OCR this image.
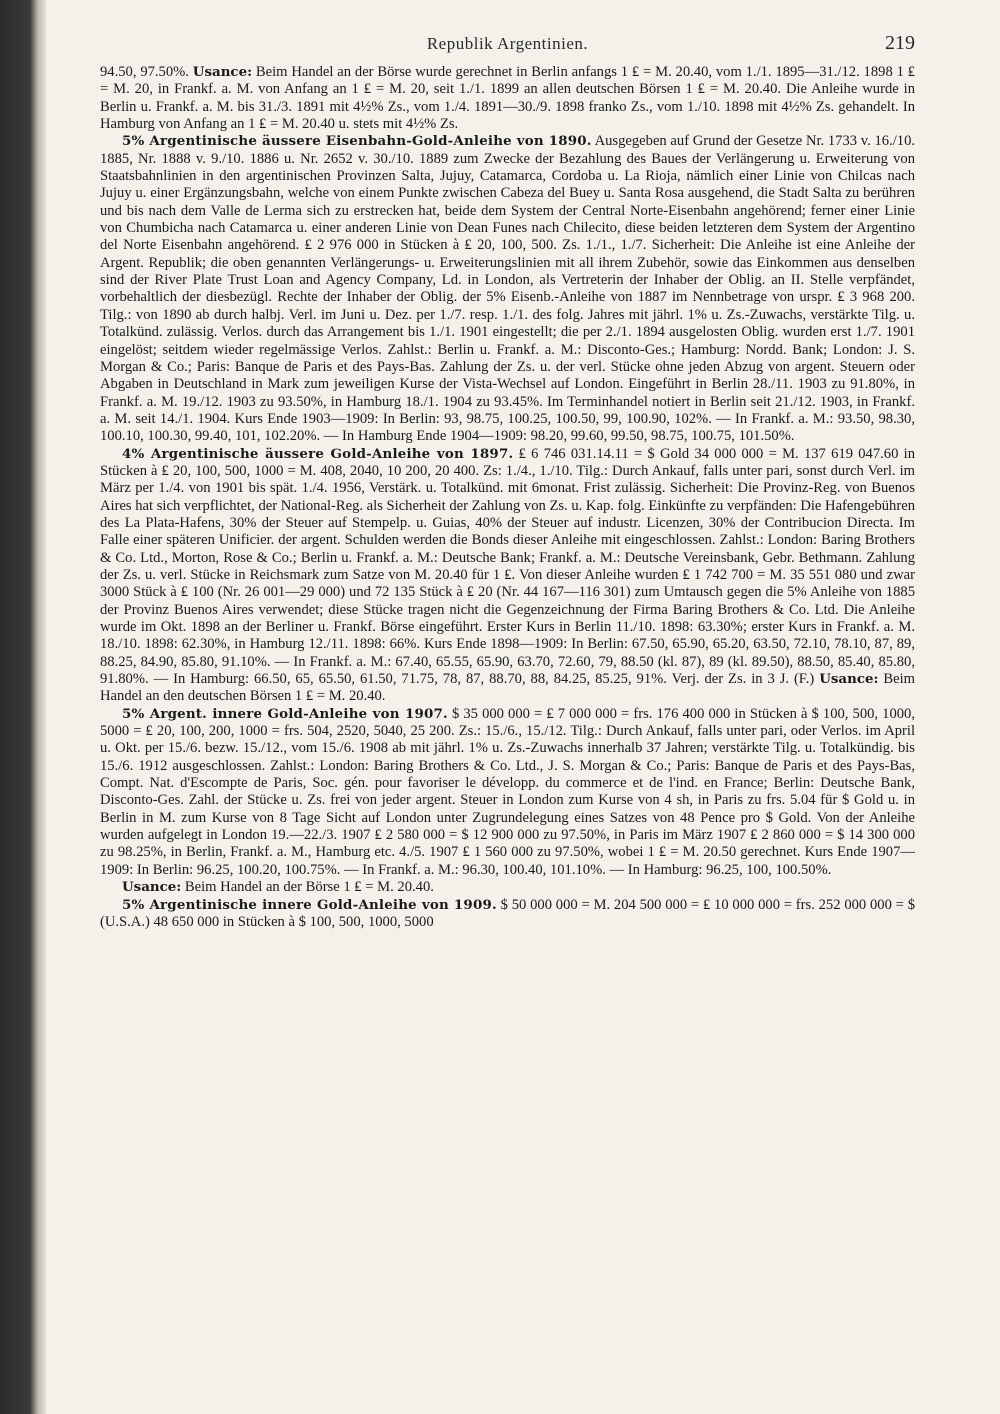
Republik Argentinien.	219

94.50, 97.50%. Usance: Beim Handel an der Börse wurde gerechnet in Berlin anfangs 1 ₤ = M. 20.40, vom 1./1. 1895—31./12. 1898 1 ₤ = M. 20, in Frankf. a. M. von Anfang an 1 ₤ = M. 20, seit 1./1. 1899 an allen deutschen Börsen 1 ₤ = M. 20.40. Die Anleihe wurde in Berlin u. Frankf. a. M. bis 31./3. 1891 mit 4½% Zs., vom 1./4. 1891—30./9. 1898 franko Zs., vom 1./10. 1898 mit 4½% Zs. gehandelt. In Hamburg von Anfang an 1 ₤ = M. 20.40 u. stets mit 4½% Zs.

5% Argentinische äussere Eisenbahn-Gold-Anleihe von 1890. Ausgegeben auf Grund der Gesetze Nr. 1733 v. 16./10. 1885, Nr. 1888 v. 9./10. 1886 u. Nr. 2652 v. 30./10. 1889 zum Zwecke der Bezahlung des Baues der Verlängerung u. Erweiterung von Staatsbahnlinien in den argentinischen Provinzen Salta, Jujuy, Catamarca, Cordoba u. La Rioja, nämlich einer Linie von Chilcas nach Jujuy u. einer Ergänzungsbahn, welche von einem Punkte zwischen Cabeza del Buey u. Santa Rosa ausgehend, die Stadt Salta zu berühren und bis nach dem Valle de Lerma sich zu erstrecken hat, beide dem System der Central Norte-Eisenbahn angehörend; ferner einer Linie von Chumbicha nach Catamarca u. einer anderen Linie von Dean Funes nach Chilecito, diese beiden letzteren dem System der Argentino del Norte Eisenbahn angehörend. ₤ 2 976 000 in Stücken à ₤ 20, 100, 500. Zs. 1./1., 1./7. Sicherheit: Die Anleihe ist eine Anleihe der Argent. Republik; die oben genannten Verlängerungs- u. Erweiterungslinien mit all ihrem Zubehör, sowie das Einkommen aus denselben sind der River Plate Trust Loan and Agency Company, Ld. in London, als Vertreterin der Inhaber der Oblig. an II. Stelle verpfändet, vorbehaltlich der diesbezügl. Rechte der Inhaber der Oblig. der 5% Eisenb.-Anleihe von 1887 im Nennbetrage von urspr. ₤ 3 968 200. Tilg.: von 1890 ab durch halbj. Verl. im Juni u. Dez. per 1./7. resp. 1./1. des folg. Jahres mit jährl. 1% u. Zs.-Zuwachs, verstärkte Tilg. u. Totalkünd. zulässig. Verlos. durch das Arrangement bis 1./1. 1901 eingestellt; die per 2./1. 1894 ausgelosten Oblig. wurden erst 1./7. 1901 eingelöst; seitdem wieder regelmässige Verlos. Zahlst.: Berlin u. Frankf. a. M.: Disconto-Ges.; Hamburg: Nordd. Bank; London: J. S. Morgan & Co.; Paris: Banque de Paris et des Pays-Bas. Zahlung der Zs. u. der verl. Stücke ohne jeden Abzug von argent. Steuern oder Abgaben in Deutschland in Mark zum jeweiligen Kurse der Vista-Wechsel auf London. Eingeführt in Berlin 28./11. 1903 zu 91.80%, in Frankf. a. M. 19./12. 1903 zu 93.50%, in Hamburg 18./1. 1904 zu 93.45%. Im Terminhandel notiert in Berlin seit 21./12. 1903, in Frankf. a. M. seit 14./1. 1904. Kurs Ende 1903—1909: In Berlin: 93, 98.75, 100.25, 100.50, 99, 100.90, 102%. — In Frankf. a. M.: 93.50, 98.30, 100.10, 100.30, 99.40, 101, 102.20%. — In Hamburg Ende 1904—1909: 98.20, 99.60, 99.50, 98.75, 100.75, 101.50%.

4% Argentinische äussere Gold-Anleihe von 1897. ₤ 6 746 031.14.11 = $ Gold 34 000 000 = M. 137 619 047.60 in Stücken à ₤ 20, 100, 500, 1000 = M. 408, 2040, 10 200, 20 400. Zs: 1./4., 1./10. Tilg.: Durch Ankauf, falls unter pari, sonst durch Verl. im März per 1./4. von 1901 bis spät. 1./4. 1956, Verstärk. u. Totalkünd. mit 6monat. Frist zulässig. Sicherheit: Die Provinz-Reg. von Buenos Aires hat sich verpflichtet, der National-Reg. als Sicherheit der Zahlung von Zs. u. Kap. folg. Einkünfte zu verpfänden: Die Hafengebühren des La Plata-Hafens, 30% der Steuer auf Stempelp. u. Guias, 40% der Steuer auf industr. Licenzen, 30% der Contribucion Directa. Im Falle einer späteren Unificier. der argent. Schulden werden die Bonds dieser Anleihe mit eingeschlossen. Zahlst.: London: Baring Brothers & Co. Ltd., Morton, Rose & Co.; Berlin u. Frankf. a. M.: Deutsche Bank; Frankf. a. M.: Deutsche Vereinsbank, Gebr. Bethmann. Zahlung der Zs. u. verl. Stücke in Reichsmark zum Satze von M. 20.40 für 1 ₤. Von dieser Anleihe wurden ₤ 1 742 700 = M. 35 551 080 und zwar 3000 Stück à ₤ 100 (Nr. 26 001—29 000) und 72 135 Stück à ₤ 20 (Nr. 44 167—116 301) zum Umtausch gegen die 5% Anleihe von 1885 der Provinz Buenos Aires verwendet; diese Stücke tragen nicht die Gegenzeichnung der Firma Baring Brothers & Co. Ltd. Die Anleihe wurde im Okt. 1898 an der Berliner u. Frankf. Börse eingeführt. Erster Kurs in Berlin 11./10. 1898: 63.30%; erster Kurs in Frankf. a. M. 18./10. 1898: 62.30%, in Hamburg 12./11. 1898: 66%. Kurs Ende 1898—1909: In Berlin: 67.50, 65.90, 65.20, 63.50, 72.10, 78.10, 87, 89, 88.25, 84.90, 85.80, 91.10%. — In Frankf. a. M.: 67.40, 65.55, 65.90, 63.70, 72.60, 79, 88.50 (kl. 87), 89 (kl. 89.50), 88.50, 85.40, 85.80, 91.80%. — In Hamburg: 66.50, 65, 65.50, 61.50, 71.75, 78, 87, 88.70, 88, 84.25, 85.25, 91%. Verj. der Zs. in 3 J. (F.) Usance: Beim Handel an den deutschen Börsen 1 ₤ = M. 20.40.

5% Argent. innere Gold-Anleihe von 1907. $ 35 000 000 = ₤ 7 000 000 = frs. 176 400 000 in Stücken à $ 100, 500, 1000, 5000 = ₤ 20, 100, 200, 1000 = frs. 504, 2520, 5040, 25 200. Zs.: 15./6., 15./12. Tilg.: Durch Ankauf, falls unter pari, oder Verlos. im April u. Okt. per 15./6. bezw. 15./12., vom 15./6. 1908 ab mit jährl. 1% u. Zs.-Zuwachs innerhalb 37 Jahren; verstärkte Tilg. u. Totalkündig. bis 15./6. 1912 ausgeschlossen. Zahlst.: London: Baring Brothers & Co. Ltd., J. S. Morgan & Co.; Paris: Banque de Paris et des Pays-Bas, Compt. Nat. d'Escompte de Paris, Soc. gén. pour favoriser le développ. du commerce et de l'ind. en France; Berlin: Deutsche Bank, Disconto-Ges. Zahl. der Stücke u. Zs. frei von jeder argent. Steuer in London zum Kurse von 4 sh, in Paris zu frs. 5.04 für $ Gold u. in Berlin in M. zum Kurse von 8 Tage Sicht auf London unter Zugrundelegung eines Satzes von 48 Pence pro $ Gold. Von der Anleihe wurden aufgelegt in London 19.—22./3. 1907 ₤ 2 580 000 = $ 12 900 000 zu 97.50%, in Paris im März 1907 ₤ 2 860 000 = $ 14 300 000 zu 98.25%, in Berlin, Frankf. a. M., Hamburg etc. 4./5. 1907 ₤ 1 560 000 zu 97.50%, wobei 1 ₤ = M. 20.50 gerechnet. Kurs Ende 1907—1909: In Berlin: 96.25, 100.20, 100.75%. — In Frankf. a. M.: 96.30, 100.40, 101.10%. — In Hamburg: 96.25, 100, 100.50%.

Usance: Beim Handel an der Börse 1 ₤ = M. 20.40.

5% Argentinische innere Gold-Anleihe von 1909. $ 50 000 000 = M. 204 500 000 = ₤ 10 000 000 = frs. 252 000 000 = $ (U.S.A.) 48 650 000 in Stücken à $ 100, 500, 1000, 5000
